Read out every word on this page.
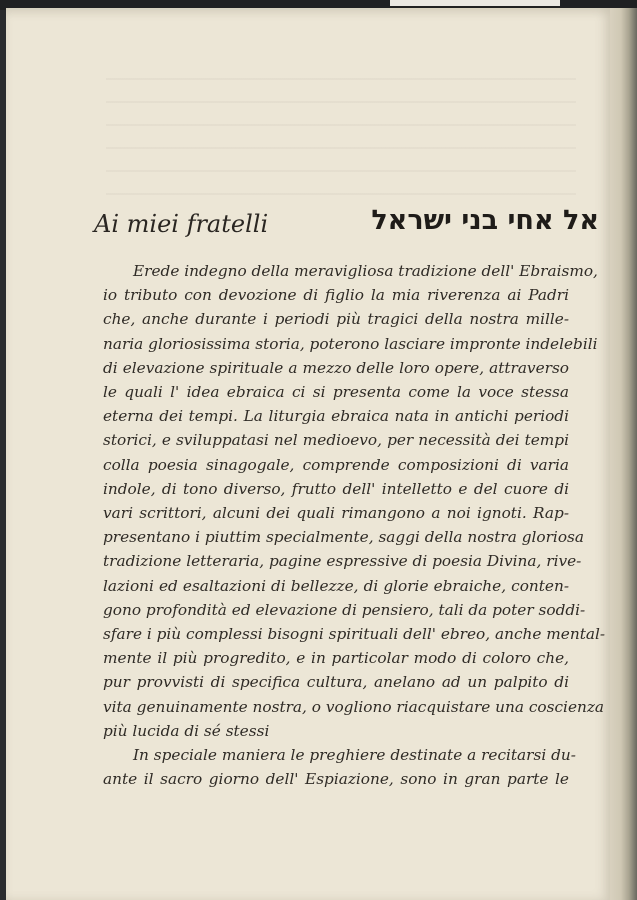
Ai miei fratelli	אל אחי בני ישראל
Erede indegno della meravigliosa tradizione dell' Ebraismo,
io tributo con devozione di figlio la mia riverenza ai Padri
che, anche durante i periodi più tragici della nostra mille-
naria gloriosissima storia, poterono lasciare impronte indelebili
di elevazione spirituale a mezzo delle loro opere, attraverso
le quali l' idea ebraica ci si presenta come la voce stessa
eterna dei tempi. La liturgia ebraica nata in antichi periodi
storici, e sviluppatasi nel medioevo, per necessità dei tempi
colla poesia sinagogale, comprende composizioni di varia
indole, di tono diverso, frutto dell' intelletto e del cuore di
vari scrittori, alcuni dei quali rimangono a noi ignoti. Rap-
presentano i piuttim specialmente, saggi della nostra gloriosa
tradizione letteraria, pagine espressive di poesia Divina, rive-
lazioni ed esaltazioni di bellezze, di glorie ebraiche, conten-
gono profondità ed elevazione di pensiero, tali da poter soddi-
sfare i più complessi bisogni spirituali dell' ebreo, anche mental-
mente il più progredito, e in particolar modo di coloro che,
pur provvisti di specifica cultura, anelano ad un palpito di
vita genuinamente nostra, o vogliono riacquistare una coscienza
più lucida di sé stessi
In speciale maniera le preghiere destinate a recitarsi du-
ante il sacro giorno dell' Espiazione, sono in gran parte le
